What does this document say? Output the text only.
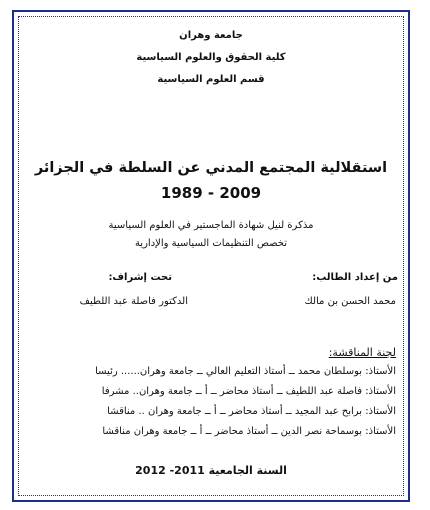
جامعة وهران
كلية الحقوق والعلوم السياسية
قسم العلوم السياسية
استقلالية المجتمع المدني عن السلطة في الجزائر
1989 - 2009
مذكرة لنيل شهادة الماجستير في العلوم السياسية
تخصص التنظيمات السياسية والإدارية
من إعداد الطالب:
تحت إشراف:
محمد الحسن بن مالك
الدكتور فاصلة عبد اللطيف
لجنة المناقشة:
الأستاذ: بوسلطان محمد ــ أستاذ التعليم العالي ــ جامعة وهران...... رئيسا
الأستاذ: فاصلة عبد اللطيف ــ أستاذ محاضر ــ أ ــ جامعة وهران.. مشرفا
الأستاذ: برابح عبد المجيد ــ أستاذ محاضر ــ أ ــ جامعة وهران .. مناقشا
الأستاذ: بوسماحة نصر الدين ــ أستاذ محاضر ــ أ ــ جامعة وهران مناقشا
السنة الجامعية 2011- 2012
